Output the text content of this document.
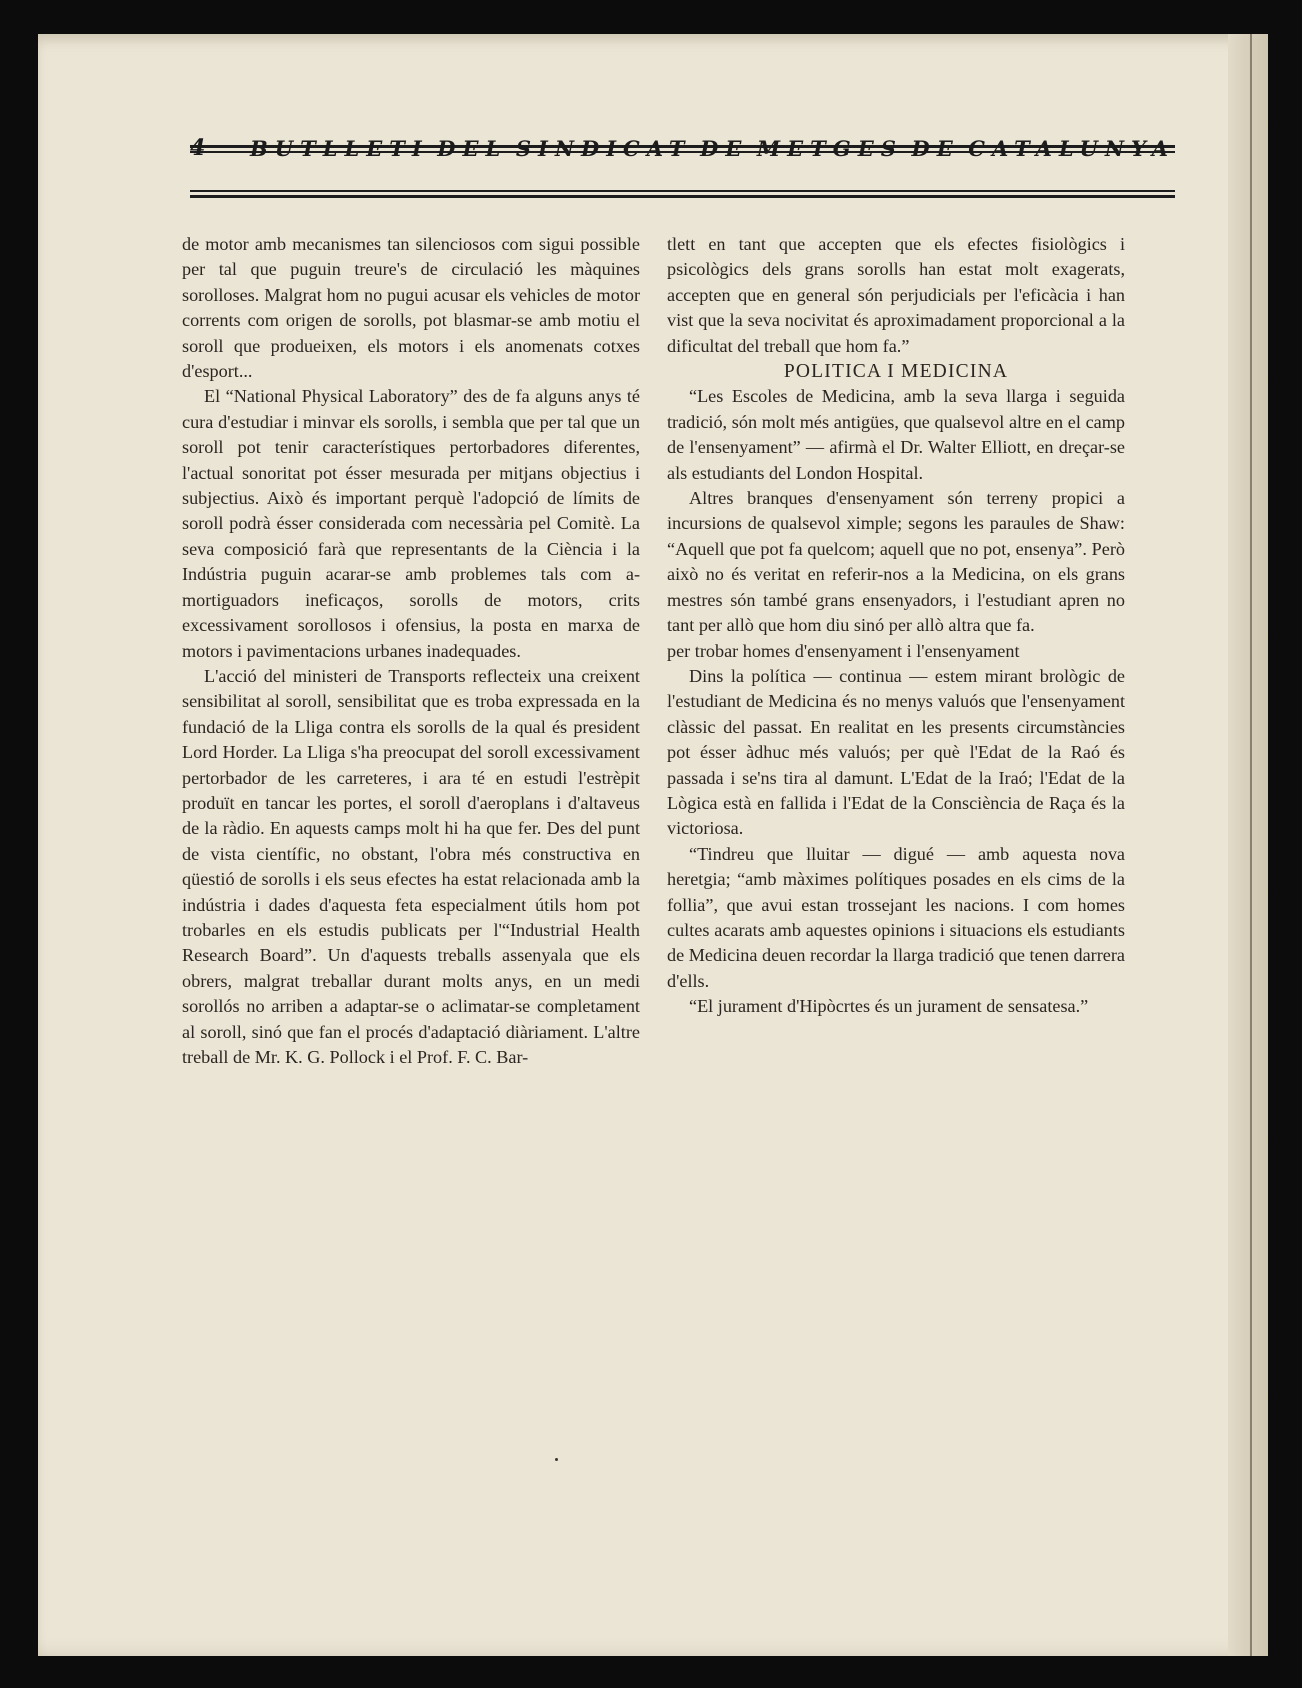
4	BUTLLETI DEL SINDICAT DE METGES DE CATALUNYA

de motor amb mecanismes tan silenciosos com sigui possible per tal que puguin treure's de circulació les màquines sorolloses. Malgrat hom no pugui acusar els vehicles de motor corrents com origen de sorolls, pot blasmar-se amb motiu el soroll que produeixen, els motors i els anomenats cotxes d'esport...

El “National Physical Laboratory” des de fa alguns anys té cura d'estudiar i minvar els sorolls, i sembla que per tal que un soroll pot tenir característiques pertorbadores diferentes, l'actual sonoritat pot ésser mesurada per mitjans objectius i subjectius. Això és important perquè l'adopció de límits de soroll podrà ésser considerada com necessària pel Comitè. La seva composició farà que representants de la Ciència i la Indústria puguin acarar-se amb problemes tals com amortiguadors ineficaços, sorolls de motors, crits excessivament sorollosos i ofensius, la posta en marxa de motors i pavimentacions urbanes inadequades.

L'acció del ministeri de Transports reflecteix una creixent sensibilitat al soroll, sensibilitat que es troba expressada en la fundació de la Lliga contra els sorolls de la qual és president Lord Horder. La Lliga s'ha preocupat del soroll excessivament pertorbador de les carreteres, i ara té en estudi l'estrèpit produït en tancar les portes, el soroll d'aeroplans i d'altaveus de la ràdio. En aquests camps molt hi ha que fer. Des del punt de vista científic, no obstant, l'obra més constructiva en qüestió de sorolls i els seus efectes ha estat relacionada amb la indústria i dades d'aquesta feta especialment útils hom pot trobarles en els estudis publicats per l'“Industrial Health Research Board”. Un d'aquests treballs assenyala que els obrers, malgrat treballar durant molts anys, en un medi sorollós no arriben a adaptar-se o aclimatar-se completament al soroll, sinó que fan el procés d'adaptació diàriament. L'altre treball de Mr. K. G. Pollock i el Prof. F. C. Bar-

tlett en tant que accepten que els efectes fisiològics i psicològics dels grans sorolls han estat molt exagerats, accepten que en general són perjudicials per l'eficàcia i han vist que la seva nocivitat és aproximadament proporcional a la dificultat del treball que hom fa.”

POLITICA I MEDICINA

“Les Escoles de Medicina, amb la seva llarga i seguida tradició, són molt més antigües, que qualsevol altre en el camp de l'ensenyament” — afirmà el Dr. Walter Elliott, en dreçar-se als estudiants del London Hospital.

Altres branques d'ensenyament són terreny propici a incursions de qualsevol ximple; segons les paraules de Shaw: “Aquell que pot fa quelcom; aquell que no pot, ensenya”. Però això no és veritat en referir-nos a la Medicina, on els grans mestres són també grans ensenyadors, i l'estudiant apren no tant per allò que hom diu sinó per allò altra que fa.

per trobar homes d'ensenyament i l'ensenyament

Dins la política — continua — estem mirant brològic de l'estudiant de Medicina és no menys valuós que l'ensenyament clàssic del passat. En realitat en les presents circumstàncies pot ésser àdhuc més valuós; per què l'Edat de la Raó és passada i se'ns tira al damunt. L'Edat de la Iraó; l'Edat de la Lògica està en fallida i l'Edat de la Consciència de Raça és la victoriosa.

“Tindreu que lluitar — digué — amb aquesta nova heretgia; “amb màximes polítiques posades en els cims de la follia”, que avui estan trossejant les nacions. I com homes cultes acarats amb aquestes opinions i situacions els estudiants de Medicina deuen recordar la llarga tradició que tenen darrera d'ells.

“El jurament d'Hipòcrtes és un jurament de sensatesa.”
